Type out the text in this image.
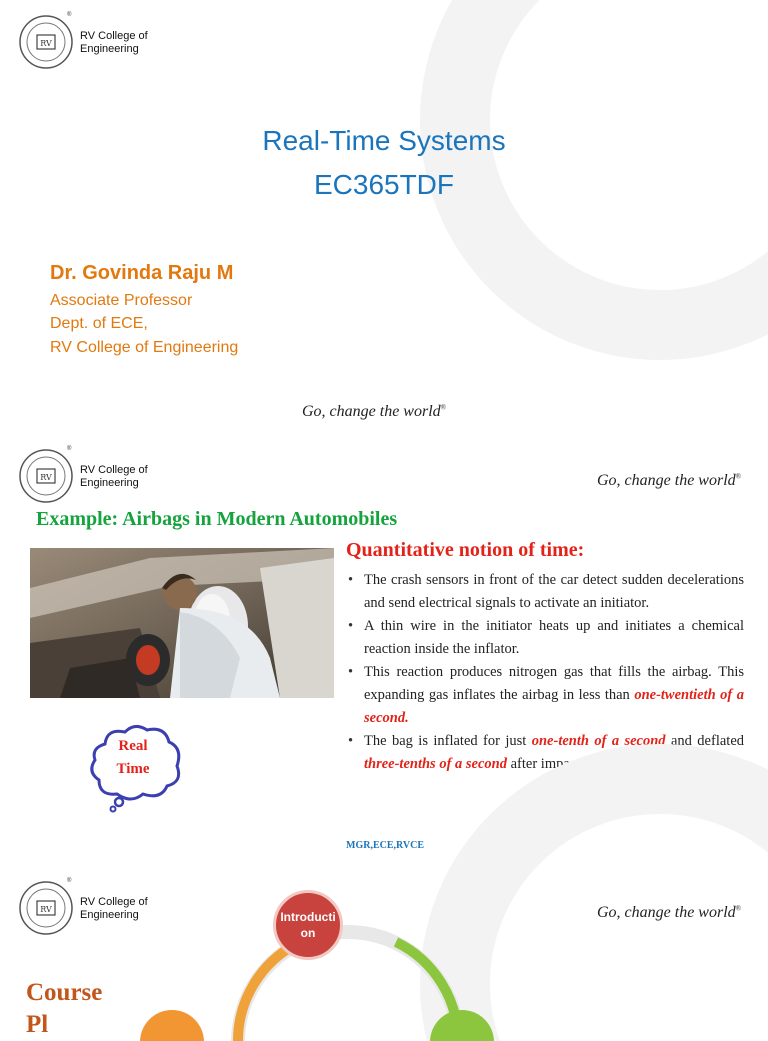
RV
®
RV College of
Engineering
Real-Time Systems
EC365TDF
Dr. Govinda Raju M
Associate Professor
Dept. of ECE,
RV College of Engineering
Go, change the world®
RV
®
RV College of
Engineering	Go, change the world®
Example: Airbags in Modern Automobiles
Quantitative notion of time:
• The crash sensors in front of the car detect sudden decelerations and send electrical signals to activate an initiator.
• A thin wire in the initiator heats up and initiates a chemical reaction inside the inflator.
• This reaction produces nitrogen gas that fills the airbag. This expanding gas inflates the airbag in less than one-twentieth of a second.
• The bag is inflated for just one-tenth of a second and deflated three-tenths of a second after impact.
Real
Time
MGR,ECE,RVCE
RV
®
RV College of
Engineering	Go, change the world®
Introducti on
Course
Pl
